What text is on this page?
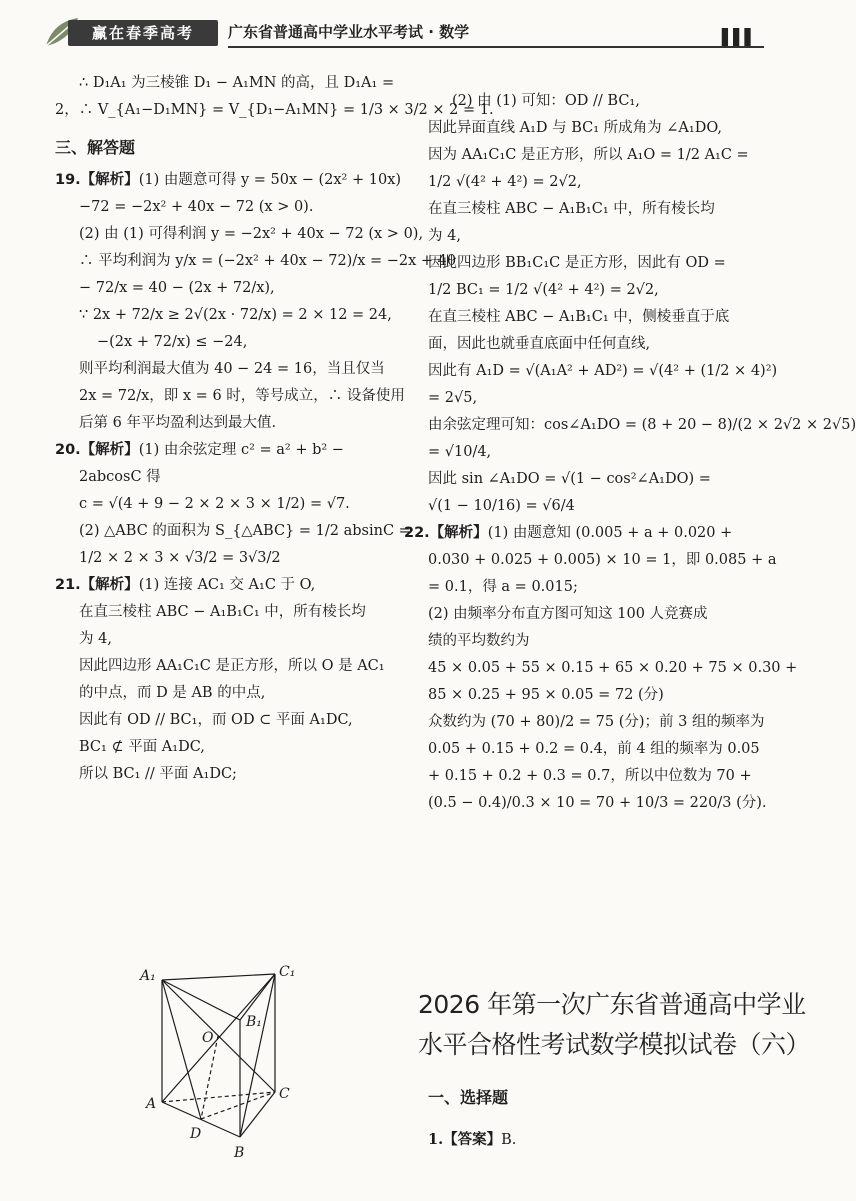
赢在春季高考	广东省普通高中学业水平考试 · 数学	▌▌▌

∴ D₁A₁ 为三棱锥 D₁ − A₁MN 的高，且 D₁A₁ =

2，∴ V_{A₁−D₁MN} = V_{D₁−A₁MN} = 1/3 × 3/2 × 2 = 1.

三、解答题

19.【解析】(1) 由题意可得 y = 50x − (2x² + 10x)

−72 = −2x² + 40x − 72 (x > 0).

(2) 由 (1) 可得利润 y = −2x² + 40x − 72 (x > 0),

∴ 平均利润为 y/x = (−2x² + 40x − 72)/x = −2x + 40

− 72/x = 40 − (2x + 72/x),

∵ 2x + 72/x ≥ 2√(2x · 72/x) = 2 × 12 = 24,

−(2x + 72/x) ≤ −24,

则平均利润最大值为 40 − 24 = 16，当且仅当

2x = 72/x，即 x = 6 时，等号成立，∴ 设备使用

后第 6 年平均盈利达到最大值.

20.【解析】(1) 由余弦定理 c² = a² + b² −

2abcosC 得

c = √(4 + 9 − 2 × 2 × 3 × 1/2) = √7.

(2) △ABC 的面积为 S_{△ABC} = 1/2 absinC =

1/2 × 2 × 3 × √3/2 = 3√3/2

21.【解析】(1) 连接 AC₁ 交 A₁C 于 O,

在直三棱柱 ABC − A₁B₁C₁ 中，所有棱长均

为 4,

因此四边形 AA₁C₁C 是正方形，所以 O 是 AC₁

的中点，而 D 是 AB 的中点,

因此有 OD // BC₁，而 OD ⊂ 平面 A₁DC,

BC₁ ⊄ 平面 A₁DC,

所以 BC₁ // 平面 A₁DC;

A₁	C₁
B₁
O
A
C
D
B

(2) 由 (1) 可知：OD // BC₁,

因此异面直线 A₁D 与 BC₁ 所成角为 ∠A₁DO,

因为 AA₁C₁C 是正方形，所以 A₁O = 1/2 A₁C =

1/2 √(4² + 4²) = 2√2,

在直三棱柱 ABC − A₁B₁C₁ 中，所有棱长均

为 4,

因此四边形 BB₁C₁C 是正方形，因此有 OD =

1/2 BC₁ = 1/2 √(4² + 4²) = 2√2,

在直三棱柱 ABC − A₁B₁C₁ 中，侧棱垂直于底

面，因此也就垂直底面中任何直线,

因此有 A₁D = √(A₁A² + AD²) = √(4² + (1/2 × 4)²)

= 2√5,

由余弦定理可知：cos∠A₁DO = (8 + 20 − 8)/(2 × 2√2 × 2√5)

= √10/4,

因此 sin ∠A₁DO = √(1 − cos²∠A₁DO) =

√(1 − 10/16) = √6/4

22.【解析】(1) 由题意知 (0.005 + a + 0.020 +

0.030 + 0.025 + 0.005) × 10 = 1，即 0.085 + a

= 0.1，得 a = 0.015;

(2) 由频率分布直方图可知这 100 人竞赛成

绩的平均数约为

45 × 0.05 + 55 × 0.15 + 65 × 0.20 + 75 × 0.30 +

85 × 0.25 + 95 × 0.05 = 72 (分)

众数约为 (70 + 80)/2 = 75 (分)；前 3 组的频率为

0.05 + 0.15 + 0.2 = 0.4，前 4 组的频率为 0.05

+ 0.15 + 0.2 + 0.3 = 0.7，所以中位数为 70 +

(0.5 − 0.4)/0.3 × 10 = 70 + 10/3 = 220/3 (分).

2026 年第一次广东省普通高中学业
水平合格性考试数学模拟试卷（六）
一、选择题
1.【答案】B.
